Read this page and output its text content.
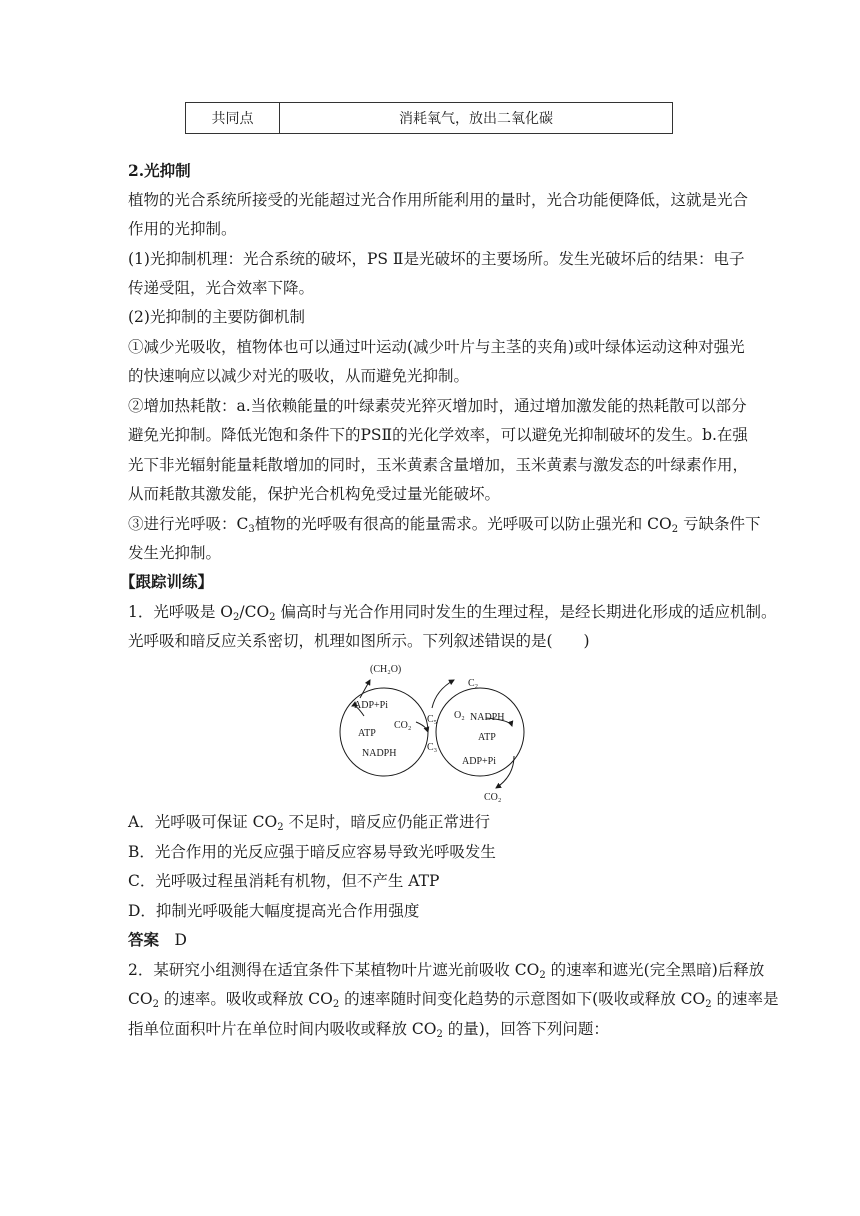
共同点	消耗氧气，放出二氧化碳
2.光抑制
植物的光合系统所接受的光能超过光合作用所能利用的量时，光合功能便降低，这就是光合
作用的光抑制。
(1)光抑制机理：光合系统的破坏，PS Ⅱ是光破坏的主要场所。发生光破坏后的结果：电子
传递受阻，光合效率下降。
(2)光抑制的主要防御机制
①减少光吸收，植物体也可以通过叶运动(减少叶片与主茎的夹角)或叶绿体运动这种对强光
的快速响应以减少对光的吸收，从而避免光抑制。
②增加热耗散：a.当依赖能量的叶绿素荧光猝灭增加时，通过增加激发能的热耗散可以部分
避免光抑制。降低光饱和条件下的PSⅡ的光化学效率，可以避免光抑制破坏的发生。b.在强
光下非光辐射能量耗散增加的同时，玉米黄素含量增加，玉米黄素与激发态的叶绿素作用，
从而耗散其激发能，保护光合机构免受过量光能破坏。
③进行光呼吸：$C_3$植物的光呼吸有很高的能量需求。光呼吸可以防止强光和 $CO_2$ 亏缺条件下
发生光抑制。
【跟踪训练】
1．光呼吸是 $O_2/CO_2$ 偏高时与光合作用同时发生的生理过程，是经长期进化形成的适应机制。
光呼吸和暗反应关系密切，机理如图所示。下列叙述错误的是(　　)
(CH₂O)
ADP+Pi
CO₂
C₅
ATP
C₃
NADPH
C₂
O₂ NADPH
ATP
ADP+Pi
CO₂
A．光呼吸可保证 $CO_2$ 不足时，暗反应仍能正常进行
B．光合作用的光反应强于暗反应容易导致光呼吸发生
C．光呼吸过程虽消耗有机物，但不产生 ATP
D．抑制光呼吸能大幅度提高光合作用强度
答案　 D
2．某研究小组测得在适宜条件下某植物叶片遮光前吸收 $CO_2$ 的速率和遮光(完全黑暗)后释放
$CO_2$ 的速率。吸收或释放 $CO_2$ 的速率随时间变化趋势的示意图如下(吸收或释放 $CO_2$ 的速率是
指单位面积叶片在单位时间内吸收或释放 $CO_2$ 的量)，回答下列问题：
